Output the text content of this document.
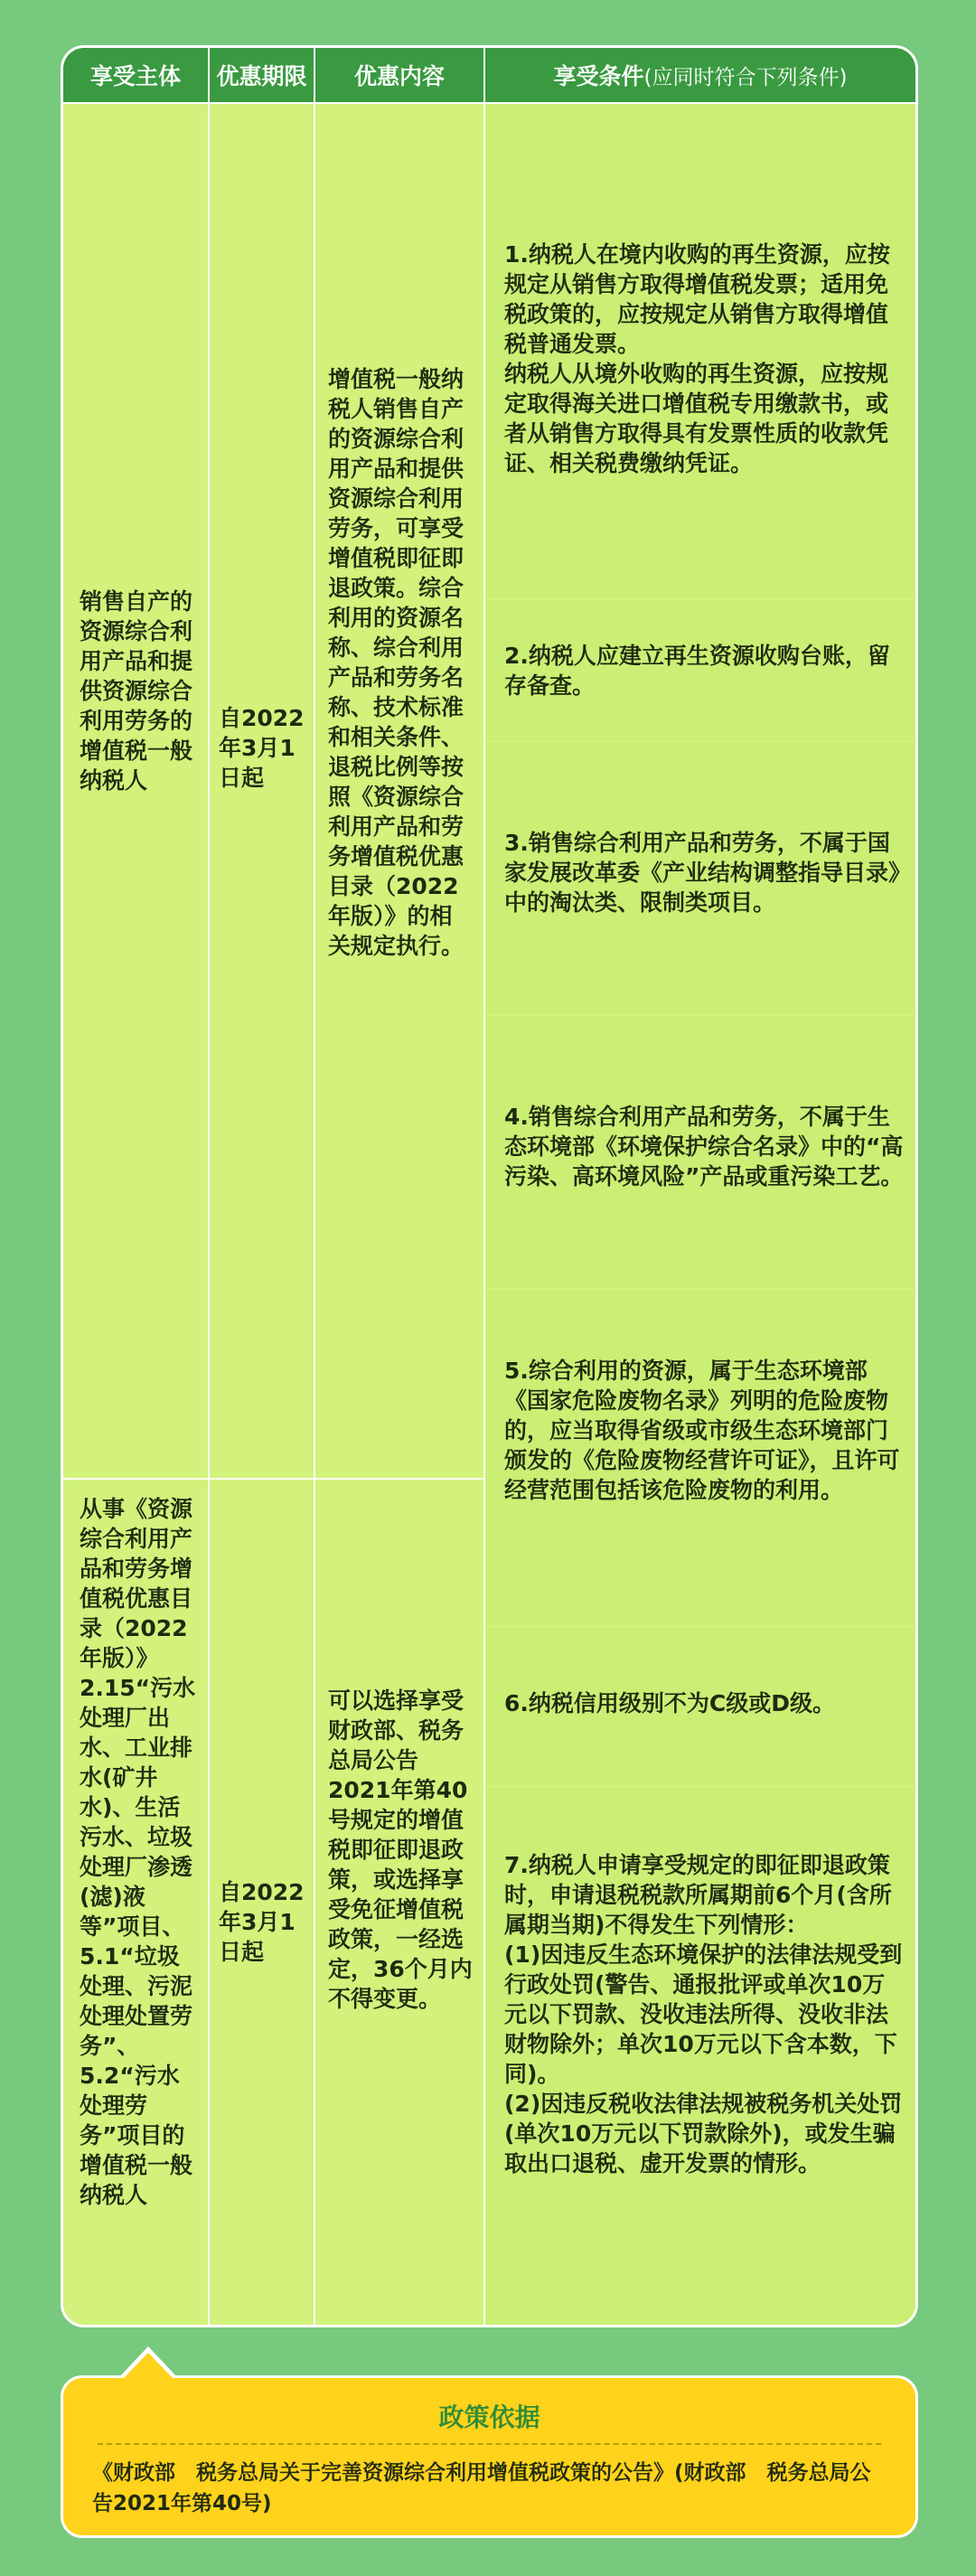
享受主体 优惠期限 优惠内容	享受条件 (应同时符合下列条件)
1.纳税人在境内收购的再生资源，应按规定从销售方取得增值税发票；适用免税政策的，应按规定从销售方取得增值税普通发票。
纳税人从境外收购的再生资源，应按规定取得海关进口增值税专用缴款书，或者从销售方取得具有发票性质的收款凭证、相关税费缴纳凭证。
2.纳税人应建立再生资源收购台账，留存备查。
3.销售综合利用产品和劳务，不属于国家发展改革委《产业结构调整指导目录》中的淘汰类、限制类项目。
4.销售综合利用产品和劳务，不属于生态环境部《环境保护综合名录》中的“高污染、高环境风险”产品或重污染工艺。
5.综合利用的资源，属于生态环境部《国家危险废物名录》列明的危险废物的，应当取得省级或市级生态环境部门颁发的《危险废物经营许可证》，且许可经营范围包括该危险废物的利用。
6.纳税信用级别不为C级或D级。
7.纳税人申请享受规定的即征即退政策时，申请退税税款所属期前6个月(含所属期当期)不得发生下列情形：
(1)因违反生态环境保护的法律法规受到行政处罚(警告、通报批评或单次10万元以下罚款、没收违法所得、没收非法财物除外；单次10万元以下含本数，下同)。
(2)因违反税收法律法规被税务机关处罚(单次10万元以下罚款除外)，或发生骗取出口退税、虚开发票的情形。
销售自产的资源综合利用产品和提供资源综合利用劳务的增值税一般纳税人
自2022年3月1日起
增值税一般纳税人销售自产的资源综合利用产品和提供资源综合利用劳务，可享受增值税即征即退政策。综合利用的资源名称、综合利用产品和劳务名称、技术标准和相关条件、退税比例等按照《资源综合利用产品和劳务增值税优惠目录（2022年版）》的相关规定执行。
从事《资源综合利用产品和劳务增值税优惠目录（2022年版）》2.15“污水处理厂出水、工业排水(矿井水)、生活污水、垃圾处理厂渗透(滤)液等”项目、5.1“垃圾处理、污泥处理处置劳务”、5.2“污水处理劳务”项目的增值税一般纳税人
自2022年3月1日起
可以选择享受财政部、税务总局公告2021年第40号规定的增值税即征即退政策，或选择享受免征增值税政策，一经选定，36个月内不得变更。
政策依据
《财政部　税务总局关于完善资源综合利用增值税政策的公告》(财政部　税务总局公告2021年第40号)
